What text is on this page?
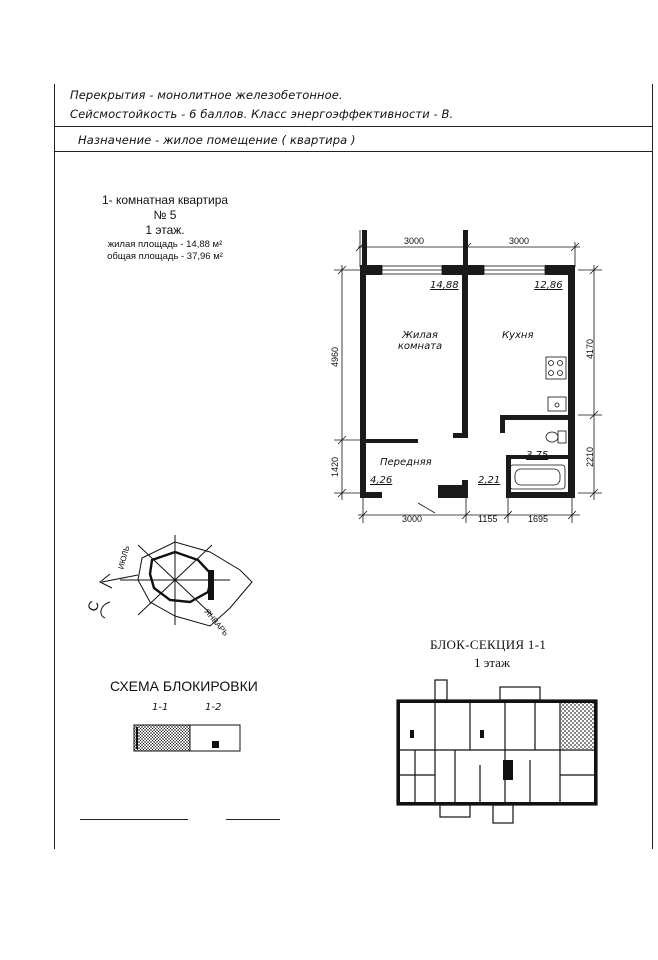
Перекрытия - монолитное железобетонное.
Сейсмостойкость - 6 баллов. Класс энергоэффективности - B.
Назначение - жилое помещение ( квартира )
1- комнатная квартира
№ 5
1 этаж.
жилая площадь - 14,88 м²
общая площадь - 37,96 м²
3000	3000
3000	1155	1695
4960
1420
4170
2210
14,88	12,86
3,75
4,26	2,21
Жилая
комната
Кухня
Передняя
С
ИЮЛЬ
ЯНВАРЬ
СХЕМА БЛОКИРОВКИ
1-1	1-2
БЛОК-СЕКЦИЯ 1-1
1 этаж
